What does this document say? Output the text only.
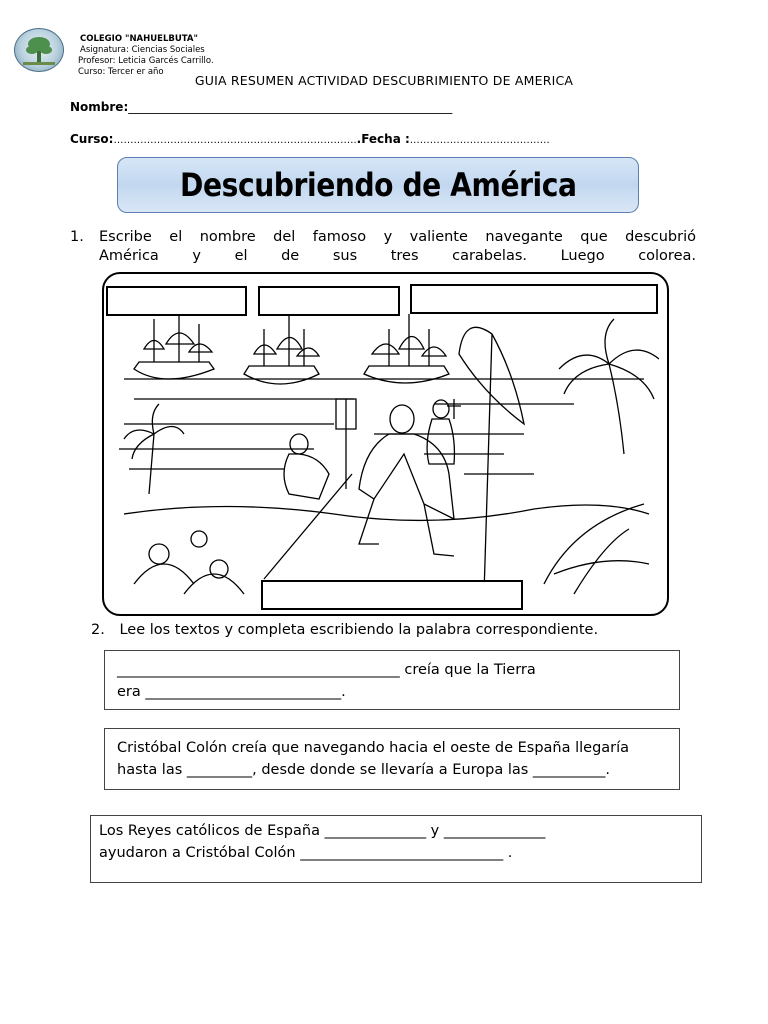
COLEGIO "NAHUELBUTA"
Asignatura: Ciencias Sociales
Profesor: Leticia Garcés Carrillo.
Curso: Tercer er año
GUIA RESUMEN ACTIVIDAD DESCUBRIMIENTO DE AMERICA
Nombre:______________________________________________________
Curso:………………………………………………………………..Fecha :……………………………………
Descubriendo de América
1. Escribe el nombre del famoso y valiente navegante que descubrió
América y el de sus tres carabelas. Luego colorea.
2. Lee los textos y completa escribiendo la palabra correspondiente.
_______________________________________ creía que la Tierra
era ___________________________.
Cristóbal Colón creía que navegando hacia el oeste de España llegaría
hasta las _________, desde donde se llevaría a Europa las __________.
Los Reyes católicos de España ______________ y ______________
ayudaron a Cristóbal Colón ____________________________ .
